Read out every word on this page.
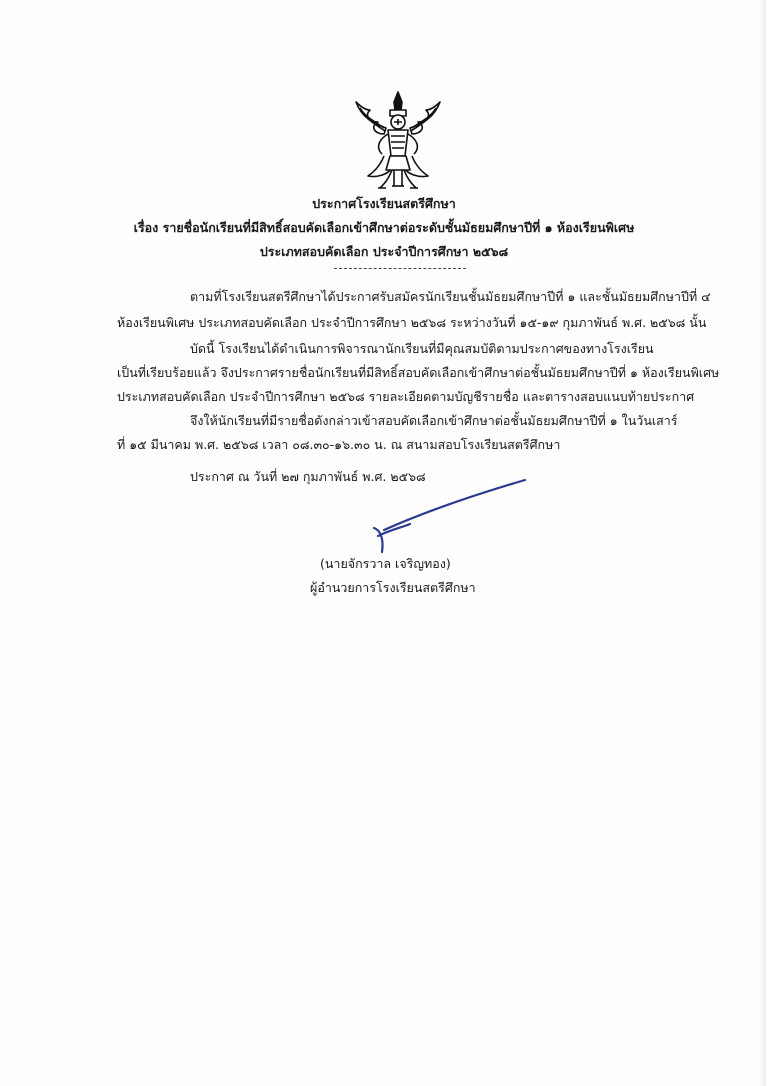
ประกาศโรงเรียนสตรีศึกษา
เรื่อง รายชื่อนักเรียนที่มีสิทธิ์สอบคัดเลือกเข้าศึกษาต่อระดับชั้นมัธยมศึกษาปีที่ ๑ ห้องเรียนพิเศษ
ประเภทสอบคัดเลือก ประจำปีการศึกษา ๒๕๖๘
ตามที่โรงเรียนสตรีศึกษาได้ประกาศรับสมัครนักเรียนชั้นมัธยมศึกษาปีที่ ๑ และชั้นมัธยมศึกษาปีที่ ๔
ห้องเรียนพิเศษ ประเภทสอบคัดเลือก ประจำปีการศึกษา ๒๕๖๘ ระหว่างวันที่ ๑๕-๑๙ กุมภาพันธ์ พ.ศ. ๒๕๖๘ นั้น
บัดนี้ โรงเรียนได้ดำเนินการพิจารณานักเรียนที่มีคุณสมบัติตามประกาศของทางโรงเรียน
เป็นที่เรียบร้อยแล้ว จึงประกาศรายชื่อนักเรียนที่มีสิทธิ์สอบคัดเลือกเข้าศึกษาต่อชั้นมัธยมศึกษาปีที่ ๑ ห้องเรียนพิเศษ
ประเภทสอบคัดเลือก ประจำปีการศึกษา ๒๕๖๘ รายละเอียดตามบัญชีรายชื่อ และตารางสอบแนบท้ายประกาศ
จึงให้นักเรียนที่มีรายชื่อดังกล่าวเข้าสอบคัดเลือกเข้าศึกษาต่อชั้นมัธยมศึกษาปีที่ ๑ ในวันเสาร์
ที่ ๑๕ มีนาคม พ.ศ. ๒๕๖๘ เวลา ๐๘.๓๐-๑๖.๓๐ น. ณ สนามสอบโรงเรียนสตรีศึกษา
ประกาศ ณ วันที่ ๒๗ กุมภาพันธ์ พ.ศ. ๒๕๖๘
(นายจักรวาล เจริญทอง)
ผู้อำนวยการโรงเรียนสตรีศึกษา
